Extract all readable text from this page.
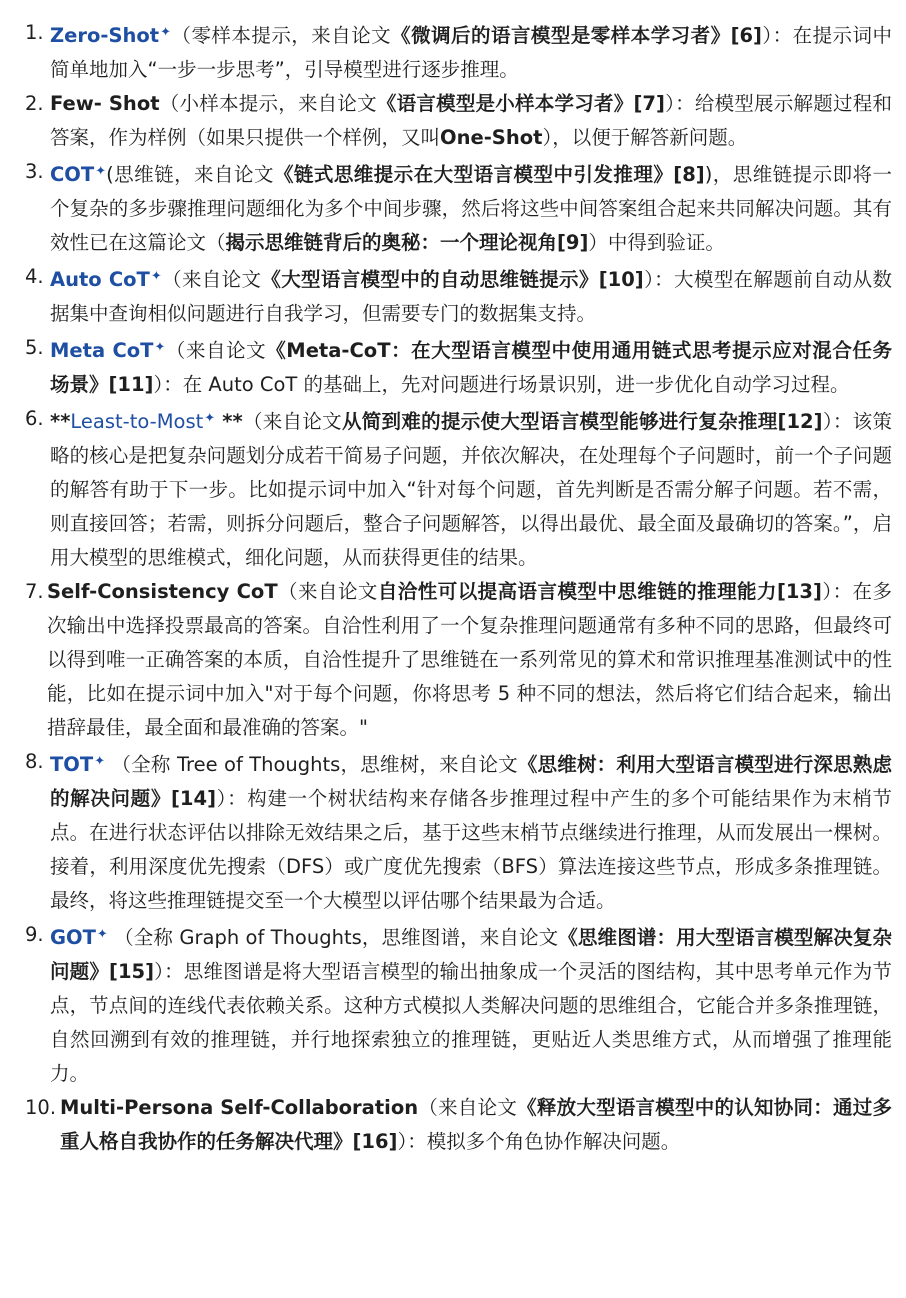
1. Zero-Shot✦（零样本提示，来自论文《微调后的语言模型是零样本学习者》[6]）：在提示词中简单地加入“一步一步思考”，引导模型进行逐步推理。
2. Few- Shot（小样本提示，来自论文《语言模型是小样本学习者》[7]）：给模型展示解题过程和答案，作为样例（如果只提供一个样例，又叫One-Shot），以便于解答新问题。
3. COT✦(思维链，来自论文《链式思维提示在大型语言模型中引发推理》[8])，思维链提示即将一个复杂的多步骤推理问题细化为多个中间步骤，然后将这些中间答案组合起来共同解决问题。其有效性已在这篇论文（揭示思维链背后的奥秘：一个理论视角[9]）中得到验证。
4. Auto CoT✦（来自论文《大型语言模型中的自动思维链提示》[10]）：大模型在解题前自动从数据集中查询相似问题进行自我学习，但需要专门的数据集支持。
5. Meta CoT✦（来自论文《Meta-CoT：在大型语言模型中使用通用链式思考提示应对混合任务场景》[11]）：在 Auto CoT 的基础上，先对问题进行场景识别，进一步优化自动学习过程。
6. **Least-to-Most✦ **（来自论文从简到难的提示使大型语言模型能够进行复杂推理[12]）：该策略的核心是把复杂问题划分成若干简易子问题，并依次解决，在处理每个子问题时，前一个子问题的解答有助于下一步。比如提示词中加入“针对每个问题，首先判断是否需分解子问题。若不需，则直接回答；若需，则拆分问题后，整合子问题解答，以得出最优、最全面及最确切的答案。”，启用大模型的思维模式，细化问题，从而获得更佳的结果。
7. Self-Consistency CoT（来自论文自洽性可以提高语言模型中思维链的推理能力[13]）：在多次输出中选择投票最高的答案。自洽性利用了一个复杂推理问题通常有多种不同的思路，但最终可以得到唯一正确答案的本质，自洽性提升了思维链在一系列常见的算术和常识推理基准测试中的性能，比如在提示词中加入"对于每个问题，你将思考 5 种不同的想法，然后将它们结合起来，输出措辞最佳，最全面和最准确的答案。"
8. TOT✦ （全称 Tree of Thoughts，思维树，来自论文《思维树：利用大型语言模型进行深思熟虑的解决问题》[14]）：构建一个树状结构来存储各步推理过程中产生的多个可能结果作为末梢节点。在进行状态评估以排除无效结果之后，基于这些末梢节点继续进行推理，从而发展出一棵树。接着，利用深度优先搜索（DFS）或广度优先搜索（BFS）算法连接这些节点，形成多条推理链。最终，将这些推理链提交至一个大模型以评估哪个结果最为合适。
9. GOT✦ （全称 Graph of Thoughts，思维图谱，来自论文《思维图谱：用大型语言模型解决复杂问题》[15]）：思维图谱是将大型语言模型的输出抽象成一个灵活的图结构，其中思考单元作为节点，节点间的连线代表依赖关系。这种方式模拟人类解决问题的思维组合，它能合并多条推理链，自然回溯到有效的推理链，并行地探索独立的推理链，更贴近人类思维方式，从而增强了推理能力。
10. Multi-Persona Self-Collaboration（来自论文《释放大型语言模型中的认知协同：通过多重人格自我协作的任务解决代理》[16]）：模拟多个角色协作解决问题。
